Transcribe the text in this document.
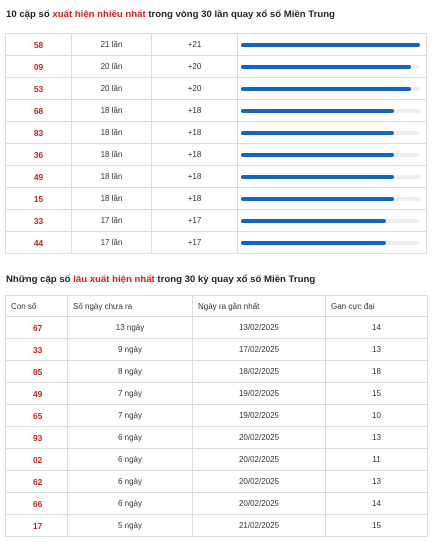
10 cặp số xuất hiện nhiều nhất trong vòng 30 lần quay xổ số Miền Trung
58	21 lần	+21	

09	20 lần	+20	

53	20 lần	+20	

68	18 lần	+18	

83	18 lần	+18	

36	18 lần	+18	

49	18 lần	+18	

15	18 lần	+18	

33	17 lần	+17	

44	17 lần	+17	
Những cặp số lâu xuất hiện nhất trong 30 kỳ quay xổ số Miền Trung
Con số	Số ngày chưa ra	Ngày ra gần nhất	Gan cực đại
67	13 ngày	13/02/2025	14
33	9 ngày	17/02/2025	13
85	8 ngày	18/02/2025	18
49	7 ngày	19/02/2025	15
65	7 ngày	19/02/2025	10
93	6 ngày	20/02/2025	13
02	6 ngày	20/02/2025	11
62	6 ngày	20/02/2025	13
66	6 ngày	20/02/2025	14
17	5 ngày	21/02/2025	15
